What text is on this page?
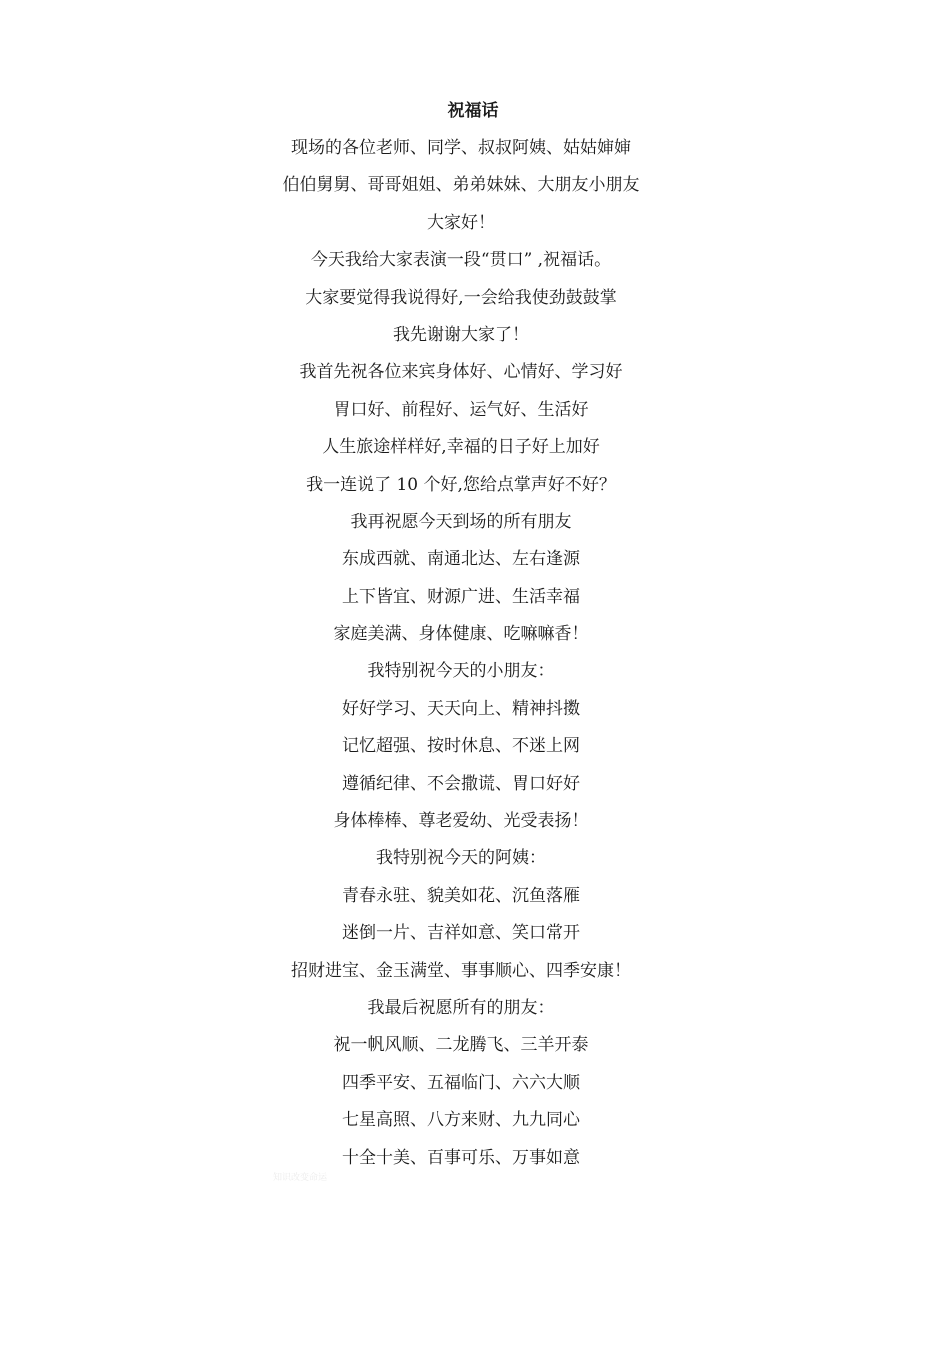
祝福话
现场的各位老师、同学、叔叔阿姨、姑姑婶婶
伯伯舅舅、哥哥姐姐、弟弟妹妹、大朋友小朋友
大家好！
今天我给大家表演一段“贯口” ,祝福话。
大家要觉得我说得好,一会给我使劲鼓鼓掌
我先谢谢大家了！
我首先祝各位来宾身体好、心情好、学习好
胃口好、前程好、运气好、生活好
人生旅途样样好,幸福的日子好上加好
我一连说了 10 个好,您给点掌声好不好？
我再祝愿今天到场的所有朋友
东成西就、南通北达、左右逢源
上下皆宜、财源广进、生活幸福
家庭美满、身体健康、吃嘛嘛香！
我特别祝今天的小朋友：
好好学习、天天向上、精神抖擞
记忆超强、按时休息、不迷上网
遵循纪律、不会撒谎、胃口好好
身体棒棒、尊老爱幼、光受表扬！
我特别祝今天的阿姨：
青春永驻、貌美如花、沉鱼落雁
迷倒一片、吉祥如意、笑口常开
招财进宝、金玉满堂、事事顺心、四季安康！
我最后祝愿所有的朋友：
祝一帆风顺、二龙腾飞、三羊开泰
四季平安、五福临门、六六大顺
七星高照、八方来财、九九同心
十全十美、百事可乐、万事如意
知识改变命运
